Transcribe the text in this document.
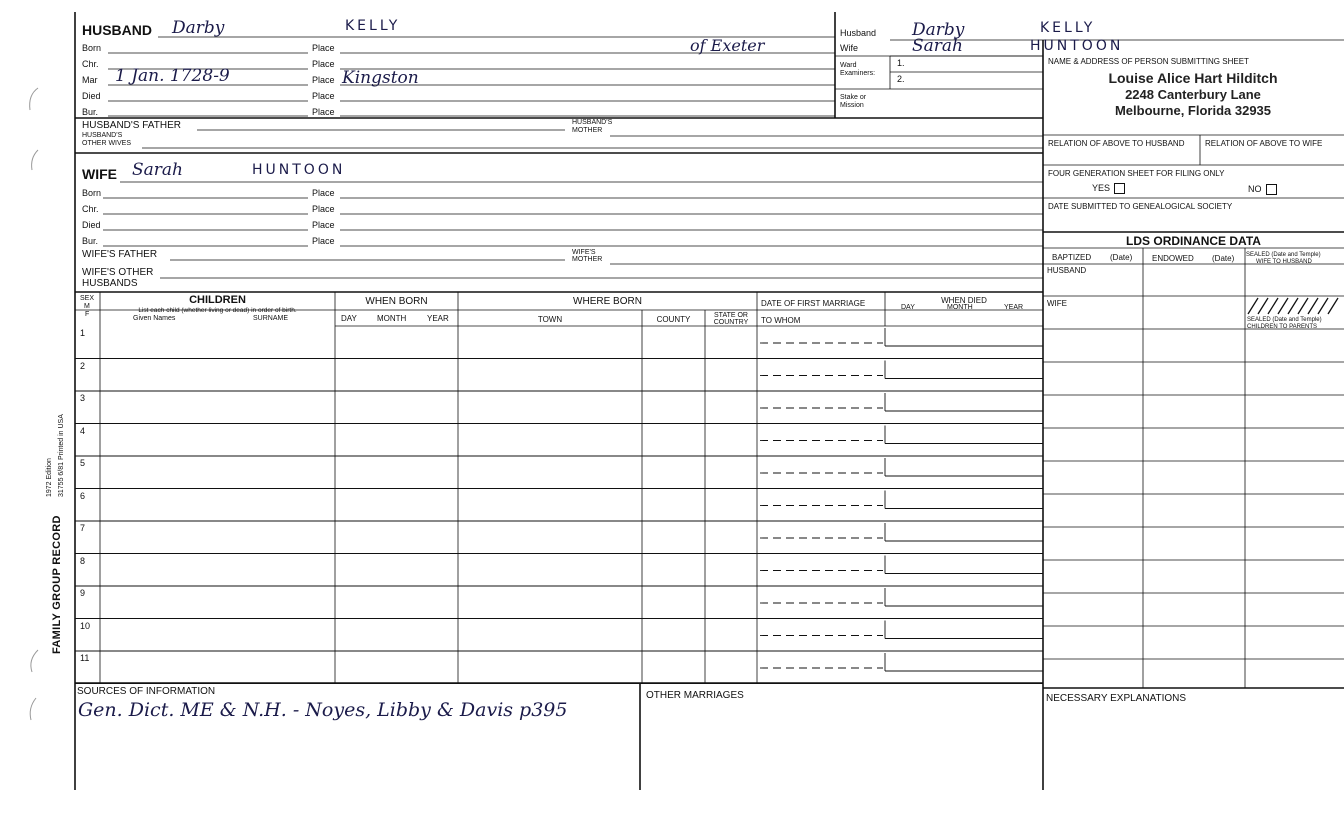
HUSBAND Darby	KELLY
Born	Place	of Exeter
Chr.	Place
Mar 1 Jan. 1728-9	Place Kingston
Died	Place
Bur.	Place
HUSBAND'S FATHER	HUSBAND'S
MOTHER
HUSBAND'S
OTHER WIVES
Husband Darby	KELLY
Wife	Sarah	HUNTOON
Ward
Examiners:
1.
2.
Stake or
Mission
NAME & ADDRESS OF PERSON SUBMITTING SHEET
Louise Alice Hart Hilditch
2248 Canterbury Lane
Melbourne, Florida 32935
RELATION OF ABOVE TO HUSBAND	RELATION OF ABOVE TO WIFE
FOUR GENERATION SHEET FOR FILING ONLY
YES	NO
DATE SUBMITTED TO GENEALOGICAL SOCIETY
LDS ORDINANCE DATA
BAPTIZED (Date) ENDOWED (Date) SEALED (Date and Temple)
WIFE TO HUSBAND
HUSBAND
WIFE
SEALED (Date and Temple)
CHILDREN TO PARENTS
WIFE Sarah	HUNTOON
Born	Place
Chr.	Place
Died	Place
Bur.	Place
WIFE'S FATHER	WIFE'S
MOTHER
WIFE'S OTHER
HUSBANDS
SEX
M
F
CHILDREN
List each child (whether living or dead) in order of birth.
Given Names	SURNAME
WHEN BORN
DAY	MONTH	YEAR
WHERE BORN
TOWN	COUNTY	STATE OR
COUNTRY
DATE OF FIRST MARRIAGE
TO WHOM
WHEN DIED
DAY	MONTH	YEAR
1
2
3
4
5
6
7
8
9
10
11
SOURCES OF INFORMATION
Gen. Dict. ME & N.H. - Noyes, Libby & Davis p395
OTHER MARRIAGES	NECESSARY EXPLANATIONS
FAMILY GROUP RECORD
1972 Edition 31755 6/81 Printed in USA
